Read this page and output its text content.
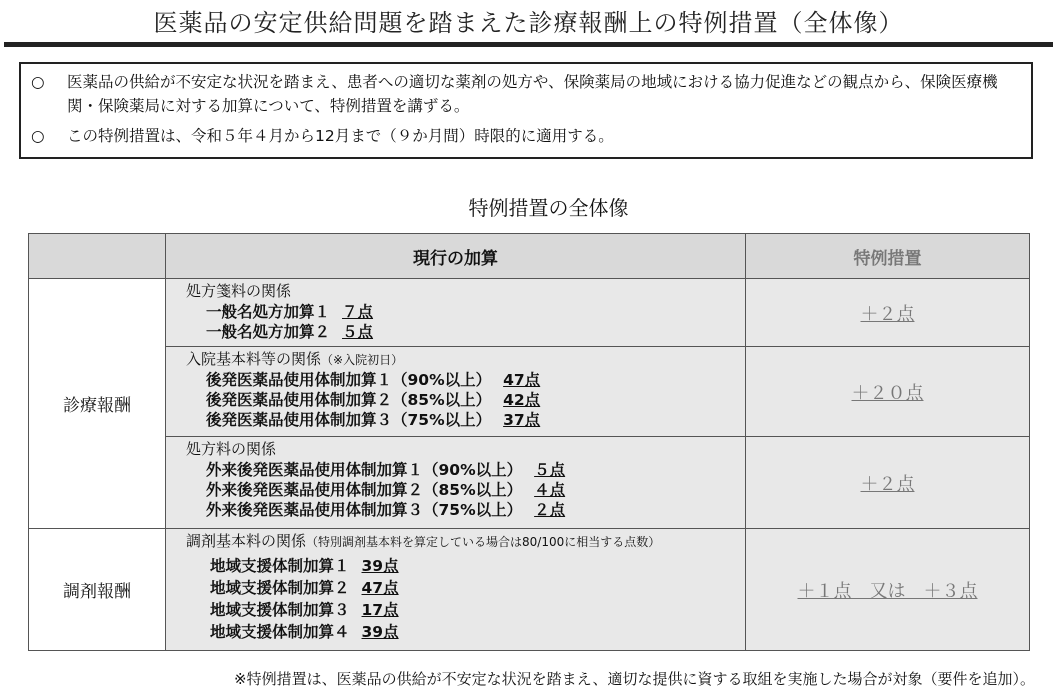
医薬品の安定供給問題を踏まえた診療報酬上の特例措置（全体像）
○	医薬品の供給が不安定な状況を踏まえ、患者への適切な薬剤の処方や、保険薬局の地域における協力促進などの観点から、保険医療機関・保険薬局に対する加算について、特例措置を講ずる。
○	この特例措置は、令和５年４月から12月まで（９か月間）時限的に適用する。
特例措置の全体像
	現行の加算	特例措置
診療報酬	処方箋料の関係
一般名処方加算１ ７点
一般名処方加算２ ５点	＋２点

	入院基本料等の関係（※入院初日）
後発医薬品使用体制加算１（90%以上） 47点
後発医薬品使用体制加算２（85%以上） 42点
後発医薬品使用体制加算３（75%以上） 37点	＋２０点

	処方料の関係
外来後発医薬品使用体制加算１（90%以上） ５点
外来後発医薬品使用体制加算２（85%以上） ４点
外来後発医薬品使用体制加算３（75%以上） ２点	＋２点
調剤報酬	調剤基本料の関係（特別調剤基本料を算定している場合は80/100に相当する点数）
地域支援体制加算１ 39点
地域支援体制加算２ 47点
地域支援体制加算３ 17点
地域支援体制加算４ 39点	＋１点　又は　＋３点
※特例措置は、医薬品の供給が不安定な状況を踏まえ、適切な提供に資する取組を実施した場合が対象（要件を追加）。
